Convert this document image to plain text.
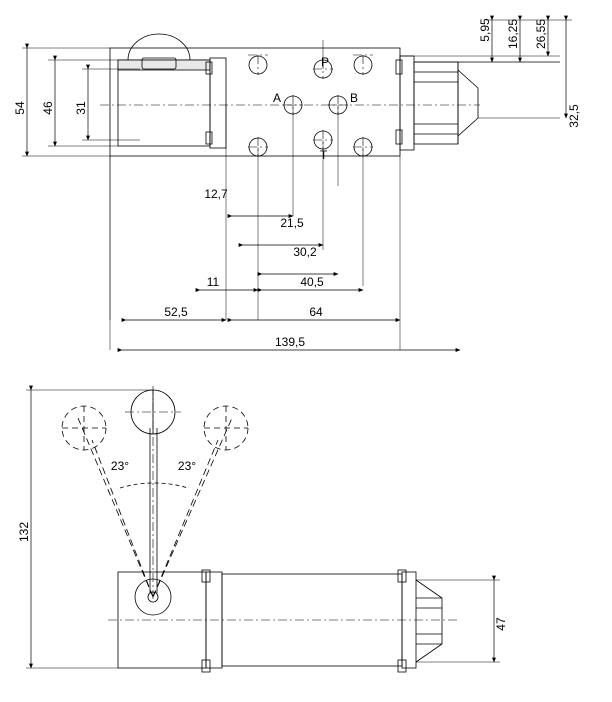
54 46 31
5,95 16,25 26,55
32,5
P
A	B
T
12,7
21,5
30,2
11	40,5
52,5	64
139,5
23°	23°
132
47
